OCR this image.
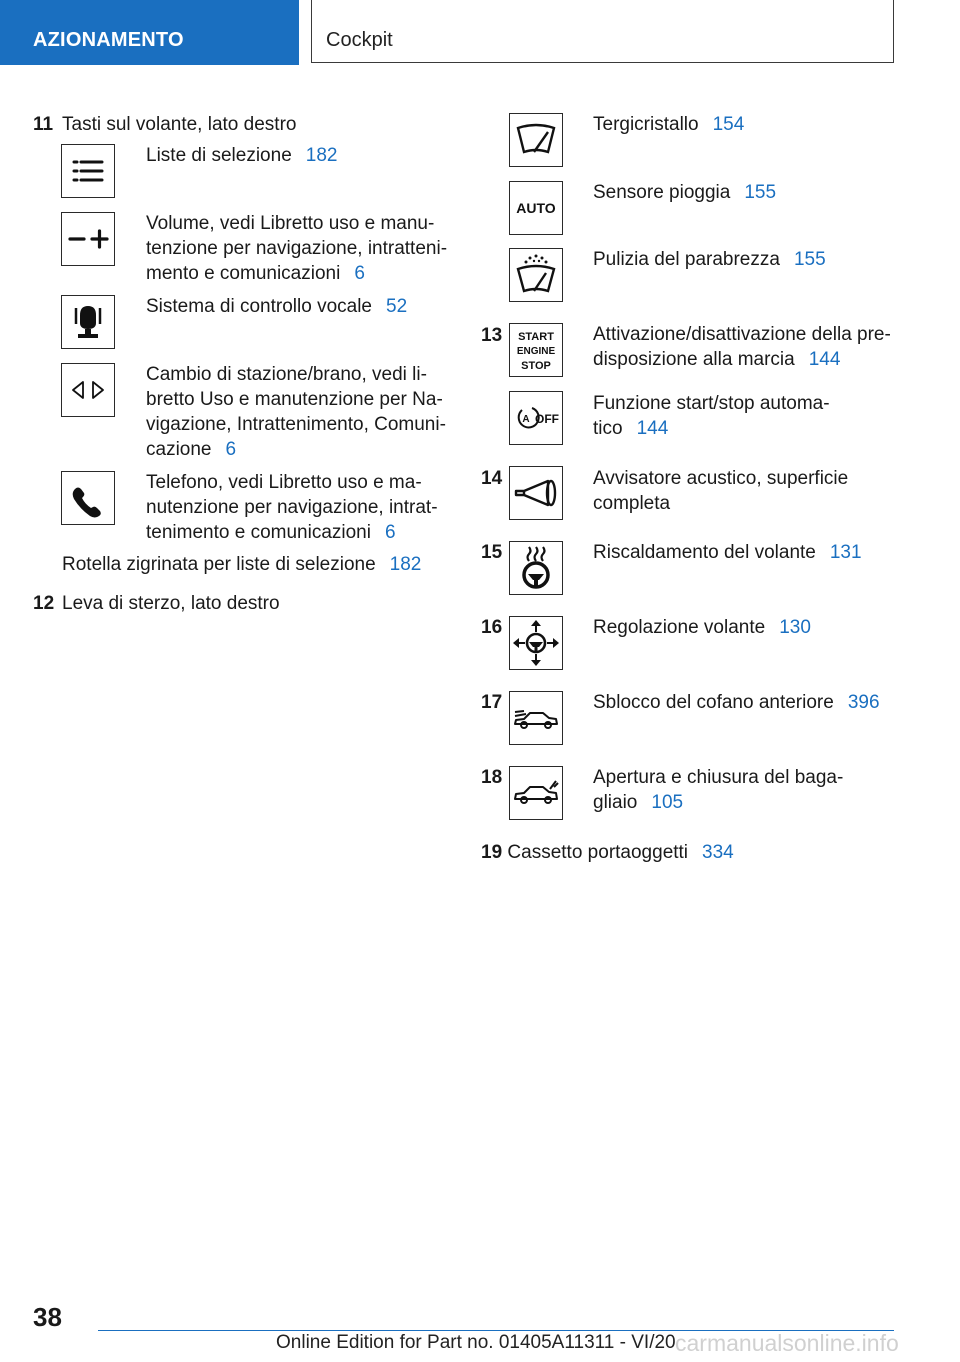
AZIONAMENTO	Cockpit
11 Tasti sul volante, lato destro
Liste di selezione 182
Volume, vedi Libretto uso e manu-
tenzione per navigazione, intratteni-
mento e comunicazioni 6
Sistema di controllo vocale 52
Cambio di stazione/brano, vedi li-
bretto Uso e manutenzione per Na-
vigazione, Intrattenimento, Comuni-
cazione 6
Telefono, vedi Libretto uso e ma-
nutenzione per navigazione, intrat-
tenimento e comunicazioni 6
Rotella zigrinata per liste di selezione 182
12 Leva di sterzo, lato destro
Tergicristallo 154
AUTO
Sensore pioggia 155
Pulizia del parabrezza 155
13 START
ENGINE
STOP
Attivazione/disattivazione della pre-
disposizione alla marcia 144
A OFF
Funzione start/stop automa-
tico 144
14	Avvisatore acustico, superficie
completa
15	Riscaldamento del volante 131
16	Regolazione volante 130
17	Sblocco del cofano anteriore 396
18	Apertura e chiusura del baga-
gliaio 105
19 Cassetto portaoggetti 334
38
Online Edition for Part no. 01405A11311 - VI/20 carmanualsonline.info
